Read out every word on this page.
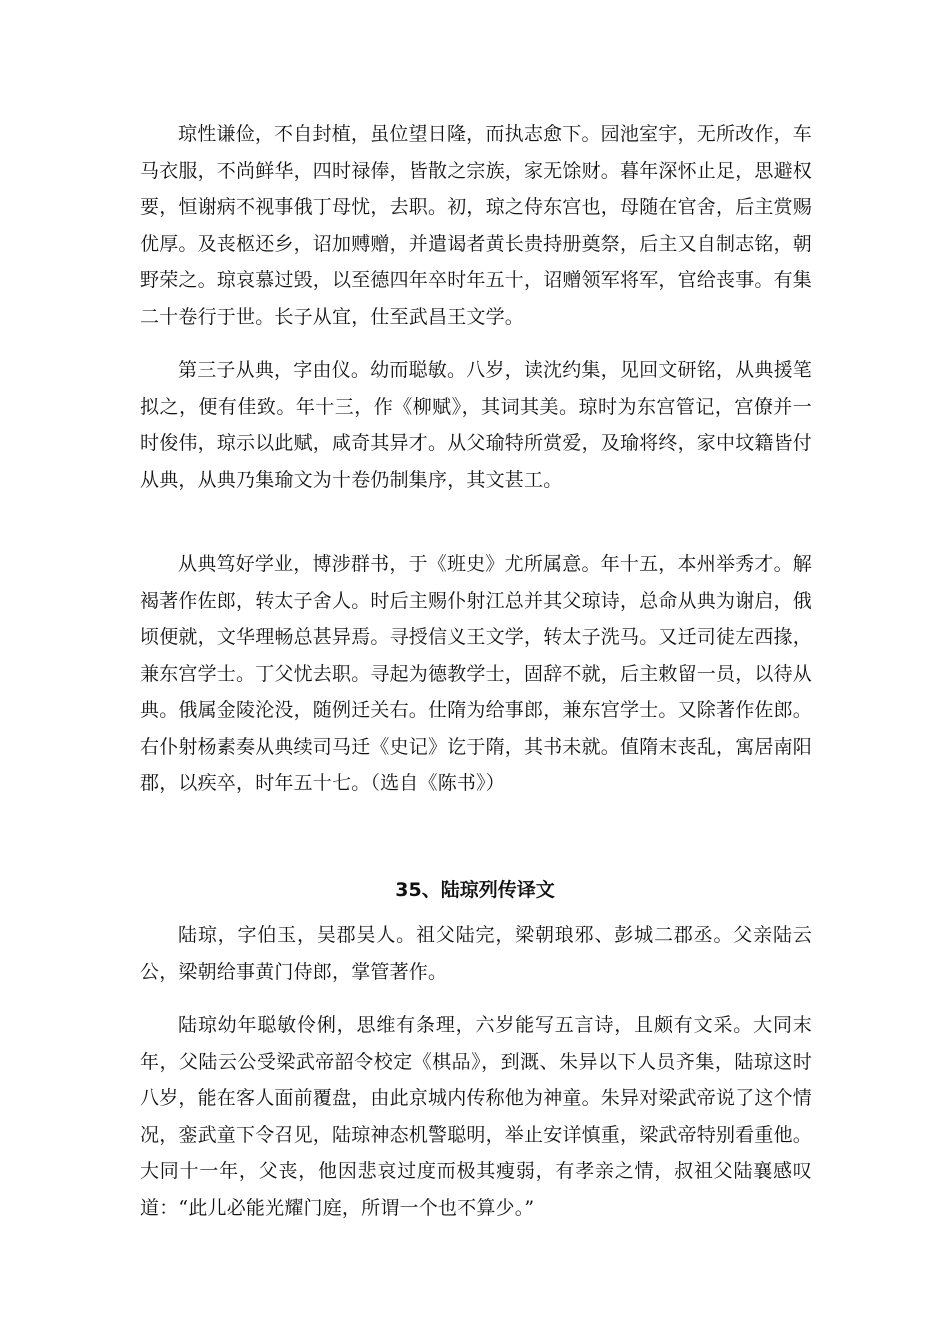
琼性谦俭，不自封植，虽位望日隆，而执志愈下。园池室宇，无所改作，车马衣服，不尚鲜华，四时禄俸，皆散之宗族，家无馀财。暮年深怀止足，思避权要，恒谢病不视事俄丁母忧，去职。初，琼之侍东宫也，母随在官舍，后主赏赐优厚。及丧柩还乡，诏加赙赠，并遣谒者黄长贵持册奠祭，后主又自制志铭，朝野荣之。琼哀慕过毁，以至德四年卒时年五十，诏赠领军将军，官给丧事。有集二十卷行于世。长子从宜，仕至武昌王文学。

第三子从典，字由仪。幼而聪敏。八岁，读沈约集，见回文研铭，从典援笔拟之，便有佳致。年十三，作《柳赋》，其词其美。琼时为东宫管记，宫僚并一时俊伟，琼示以此赋，咸奇其异才。从父瑜特所赏爱，及瑜将终，家中坟籍皆付从典，从典乃集瑜文为十卷仍制集序，其文甚工。

从典笃好学业，博涉群书，于《班史》尤所属意。年十五，本州举秀才。解褐著作佐郎，转太子舍人。时后主赐仆射江总并其父琼诗，总命从典为谢启，俄顷便就，文华理畅总甚异焉。寻授信义王文学，转太子洗马。又迁司徒左西掾，兼东宫学士。丁父忧去职。寻起为德教学士，固辞不就，后主敕留一员，以待从典。俄属金陵沦没，随例迁关右。仕隋为给事郎，兼东宫学士。又除著作佐郎。右仆射杨素奏从典续司马迁《史记》讫于隋，其书未就。值隋末丧乱，寓居南阳郡，以疾卒，时年五十七。（选自《陈书》）

35、陆琼列传译文

陆琼，字伯玉，吴郡吴人。祖父陆完，梁朝琅邪、彭城二郡丞。父亲陆云公，梁朝给事黄门侍郎，掌管著作。

陆琼幼年聪敏伶俐，思维有条理，六岁能写五言诗，且颇有文采。大同末年，父陆云公受梁武帝韶令校定《棋品》，到溉、朱异以下人员齐集，陆琼这时八岁，能在客人面前覆盘，由此京城内传称他为神童。朱异对梁武帝说了这个情况，銮武童下令召见，陆琼神态机警聪明，举止安详慎重，梁武帝特别看重他。大同十一年，父丧，他因悲哀过度而极其瘦弱，有孝亲之情，叔祖父陆襄感叹道：“此儿必能光耀门庭，所谓一个也不算少。”
